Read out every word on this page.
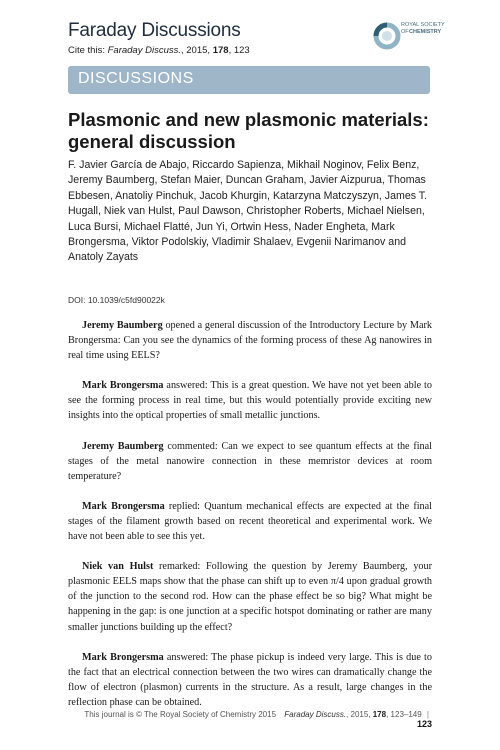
Faraday Discussions
Cite this: Faraday Discuss., 2015, 178, 123
ROYAL SOCIETY
OF CHEMISTRY
DISCUSSIONS
Plasmonic and new plasmonic materials: general discussion
F. Javier García de Abajo, Riccardo Sapienza, Mikhail Noginov, Felix Benz, Jeremy Baumberg, Stefan Maier, Duncan Graham, Javier Aizpurua, Thomas Ebbesen, Anatoliy Pinchuk, Jacob Khurgin, Katarzyna Matczyszyn, James T. Hugall, Niek van Hulst, Paul Dawson, Christopher Roberts, Michael Nielsen, Luca Bursi, Michael Flatté, Jun Yi, Ortwin Hess, Nader Engheta, Mark Brongersma, Viktor Podolskiy, Vladimir Shalaev, Evgenii Narimanov and Anatoly Zayats
DOI: 10.1039/c5fd90022k

Jeremy Baumberg opened a general discussion of the Introductory Lecture by Mark Brongersma: Can you see the dynamics of the forming process of these Ag nanowires in real time using EELS?

Mark Brongersma answered: This is a great question. We have not yet been able to see the forming process in real time, but this would potentially provide exciting new insights into the optical properties of small metallic junctions.

Jeremy Baumberg commented: Can we expect to see quantum effects at the final stages of the metal nanowire connection in these memristor devices at room temperature?

Mark Brongersma replied: Quantum mechanical effects are expected at the final stages of the filament growth based on recent theoretical and experimental work. We have not been able to see this yet.

Niek van Hulst remarked: Following the question by Jeremy Baumberg, your plasmonic EELS maps show that the phase can shift up to even π/4 upon gradual growth of the junction to the second rod. How can the phase effect be so big? What might be happening in the gap: is one junction at a specific hotspot dominating or rather are many smaller junctions building up the effect?

Mark Brongersma answered: The phase pickup is indeed very large. This is due to the fact that an electrical connection between the two wires can dramatically change the flow of electron (plasmon) currents in the structure. As a result, large changes in the reflection phase can be obtained.

This journal is © The Royal Society of Chemistry 2015 Faraday Discuss., 2015, 178, 123–149 | 123
